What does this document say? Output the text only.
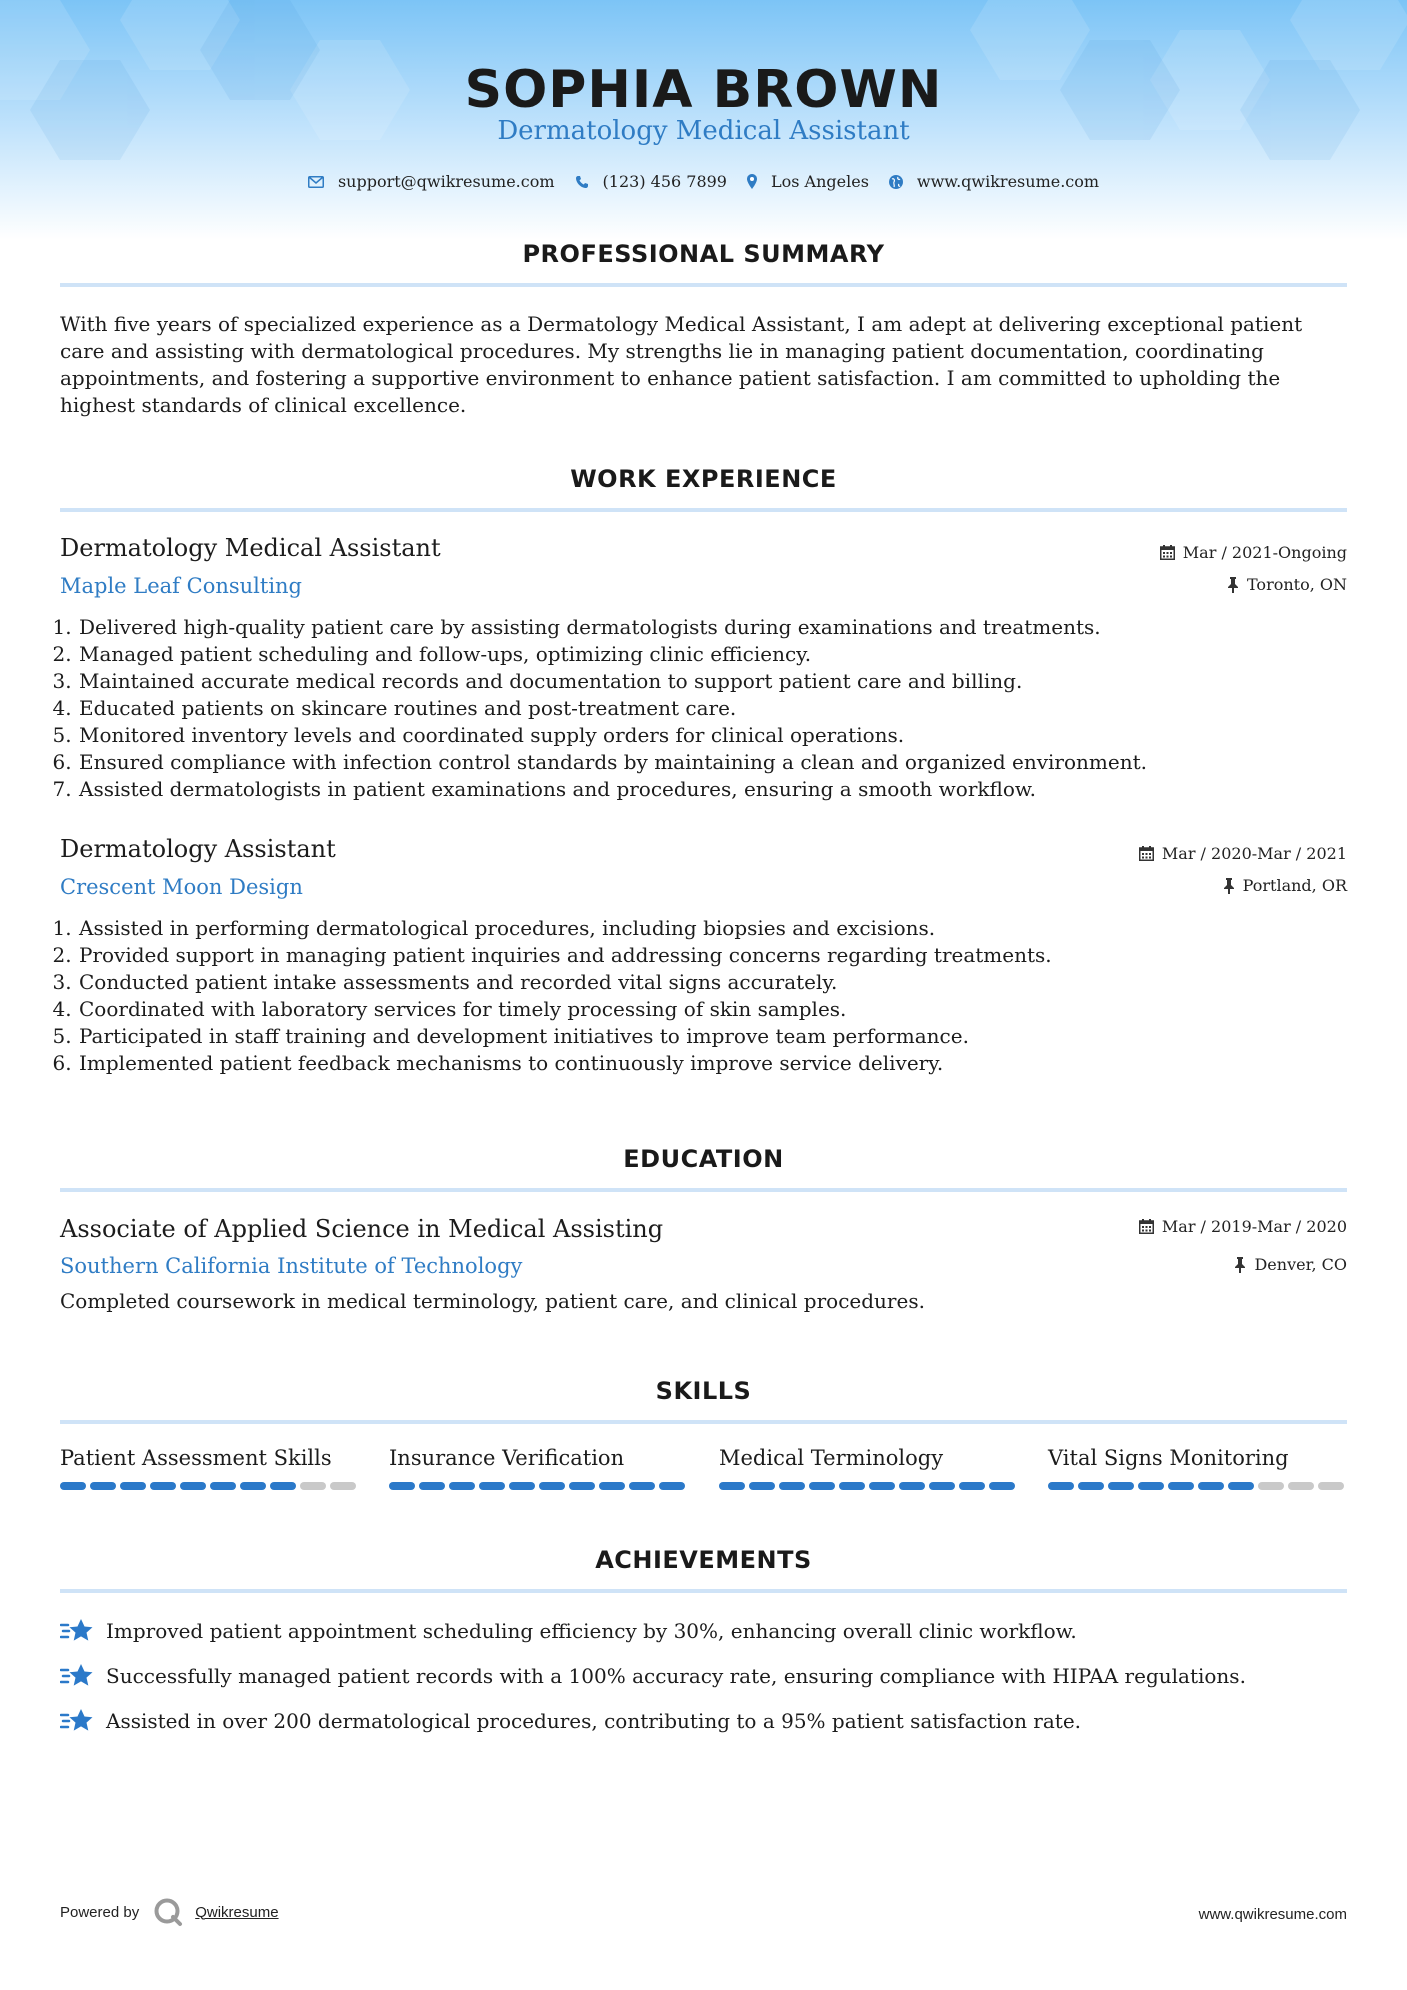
SOPHIA BROWN
Dermatology Medical Assistant
support@qwikresume.com	(123) 456 7899	Los Angeles	www.qwikresume.com
PROFESSIONAL SUMMARY
With five years of specialized experience as a Dermatology Medical Assistant, I am adept at delivering exceptional patient care and assisting with dermatological procedures. My strengths lie in managing patient documentation, coordinating appointments, and fostering a supportive environment to enhance patient satisfaction. I am committed to upholding the highest standards of clinical excellence.
WORK EXPERIENCE
Dermatology Medical Assistant
Maple Leaf Consulting
Mar / 2021-Ongoing
Toronto, ON
1. Delivered high-quality patient care by assisting dermatologists during examinations and treatments.
2. Managed patient scheduling and follow-ups, optimizing clinic efficiency.
3. Maintained accurate medical records and documentation to support patient care and billing.
4. Educated patients on skincare routines and post-treatment care.
5. Monitored inventory levels and coordinated supply orders for clinical operations.
6. Ensured compliance with infection control standards by maintaining a clean and organized environment.
7. Assisted dermatologists in patient examinations and procedures, ensuring a smooth workflow.
Dermatology Assistant
Crescent Moon Design
Mar / 2020-Mar / 2021
Portland, OR
1. Assisted in performing dermatological procedures, including biopsies and excisions.
2. Provided support in managing patient inquiries and addressing concerns regarding treatments.
3. Conducted patient intake assessments and recorded vital signs accurately.
4. Coordinated with laboratory services for timely processing of skin samples.
5. Participated in staff training and development initiatives to improve team performance.
6. Implemented patient feedback mechanisms to continuously improve service delivery.
EDUCATION
Associate of Applied Science in Medical Assisting
Southern California Institute of Technology
Mar / 2019-Mar / 2020
Denver, CO
Completed coursework in medical terminology, patient care, and clinical procedures.
SKILLS
Patient Assessment Skills	Insurance Verification	Medical Terminology	Vital Signs Monitoring
ACHIEVEMENTS
Improved patient appointment scheduling efficiency by 30%, enhancing overall clinic workflow.
Successfully managed patient records with a 100% accuracy rate, ensuring compliance with HIPAA regulations.
Assisted in over 200 dermatological procedures, contributing to a 95% patient satisfaction rate.
Powered by	Qwikresume	www.qwikresume.com
